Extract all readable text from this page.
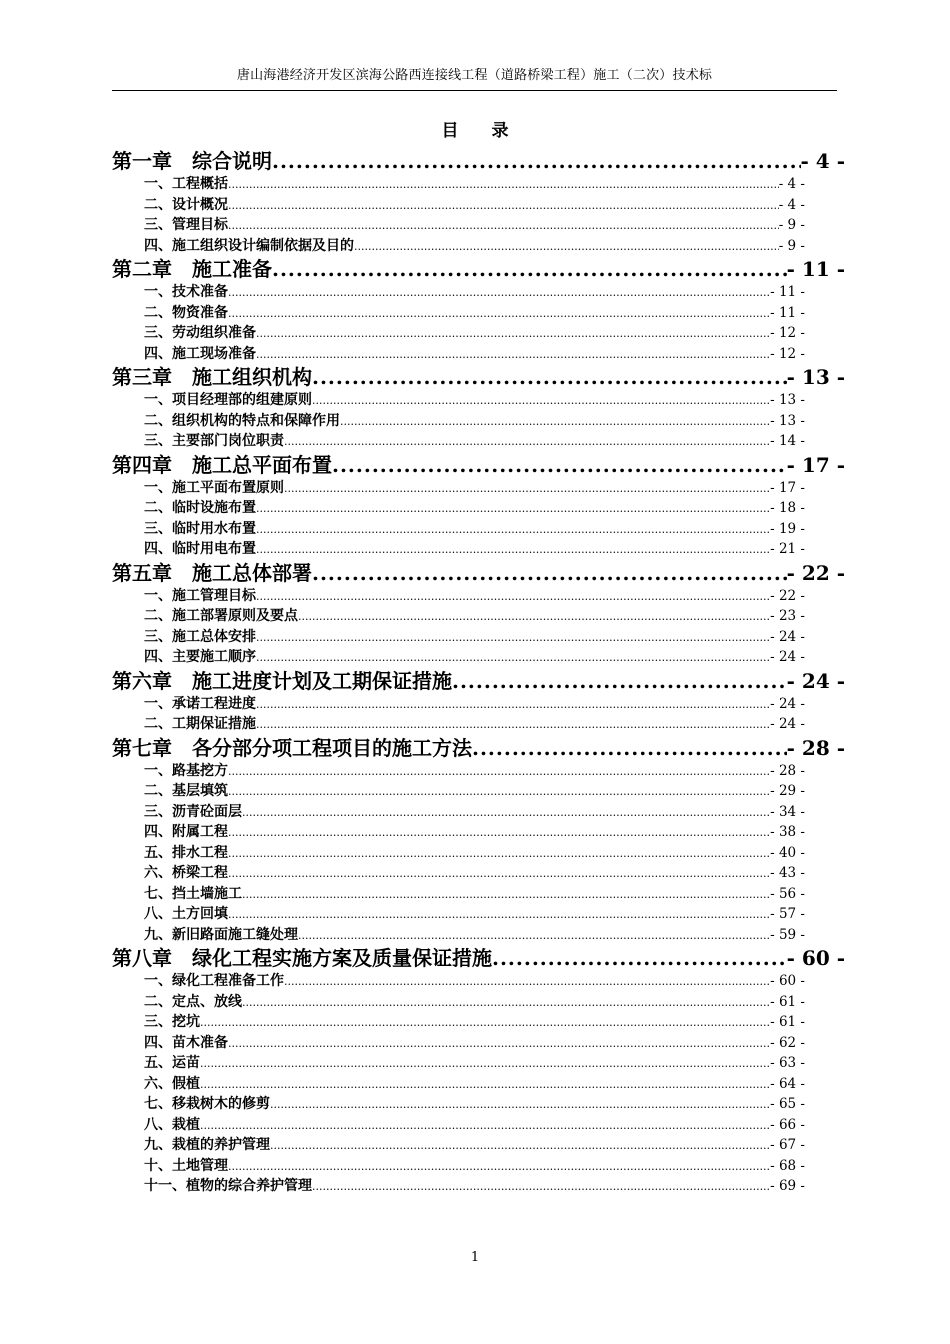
唐山海港经济开发区滨海公路西连接线工程（道路桥梁工程）施工（二次）技术标
目 录
第一章	综合说明 .....	- 4 -
一、 工程概括 .....	- 4 -
二、 设计概况 .....	- 4 -
三、 管理目标 .....	- 9 -
四、 施工组织设计编制依据及目的 .....	- 9 -
第二章	施工准备 .....	- 11 -
一、 技术准备 .....	- 11 -
二、 物资准备 .....	- 11 -
三、 劳动组织准备 .....	- 12 -
四、 施工现场准备 .....	- 12 -
第三章	施工组织机构 .....	- 13 -
一、 项目经理部的组建原则 .....	- 13 -
二、 组织机构的特点和保障作用 .....	- 13 -
三、 主要部门岗位职责 .....	- 14 -
第四章	施工总平面布置 .....	- 17 -
一、 施工平面布置原则 .....	- 17 -
二、 临时设施布置 .....	- 18 -
三、 临时用水布置 .....	- 19 -
四、 临时用电布置 .....	- 21 -
第五章	施工总体部署 .....	- 22 -
一、 施工管理目标 .....	- 22 -
二、 施工部署原则及要点 .....	- 23 -
三、 施工总体安排 .....	- 24 -
四、 主要施工顺序 .....	- 24 -
第六章	施工进度计划及工期保证措施 .....	- 24 -
一、 承诺工程进度 .....	- 24 -
二、 工期保证措施 .....	- 24 -
第七章	各分部分项工程项目的施工方法 .....	- 28 -
一、 路基挖方 .....	- 28 -
二、 基层填筑 .....	- 29 -
三、 沥青砼面层 .....	- 34 -
四、 附属工程 .....	- 38 -
五、 排水工程 .....	- 40 -
六、 桥梁工程 .....	- 43 -
七、 挡土墙施工 .....	- 56 -
八、 土方回填 .....	- 57 -
九、 新旧路面施工缝处理 .....	- 59 -
第八章	绿化工程实施方案及质量保证措施 .....	- 60 -
一、 绿化工程准备工作 .....	- 60 -
二、 定点、放线 .....	- 61 -
三、 挖坑 .....	- 61 -
四、 苗木准备 .....	- 62 -
五、 运苗 .....	- 63 -
六、 假植 .....	- 64 -
七、 移栽树木的修剪 .....	- 65 -
八、 栽植 .....	- 66 -
九、 栽植的养护管理 .....	- 67 -
十、 土地管理 .....	- 68 -
十一、 植物的综合养护管理 .....	- 69 -
1
